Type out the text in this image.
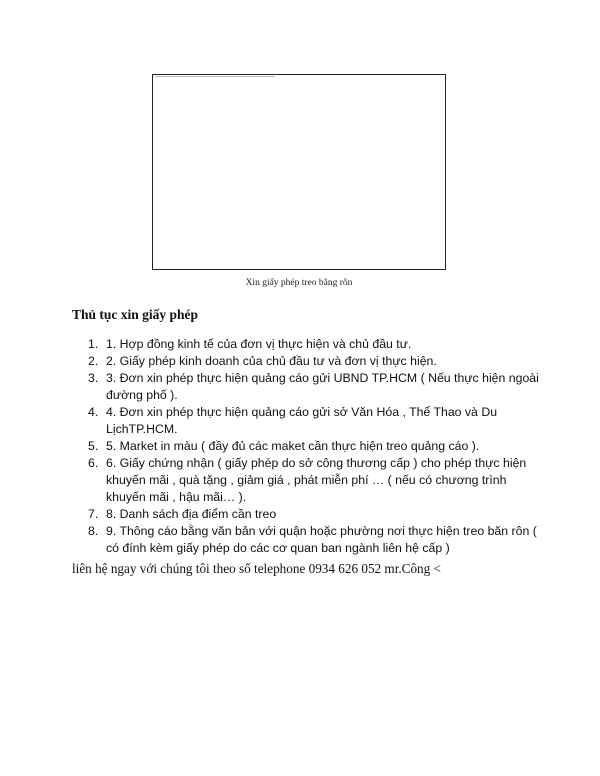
Xin giấy phép treo băng rôn
Thủ tục xin giấy phép
1. 1. Hợp đồng kinh tế của đơn vị thực hiện và chủ đầu tư.
2. 2. Giấy phép kinh doanh của chủ đầu tư và đơn vị thực hiện.
3. 3. Đơn xin phép thực hiện quảng cáo gửi UBND TP.HCM ( Nếu thực hiện ngoài đường phố ).
4. 4. Đơn xin phép thực hiện quảng cáo gửi sở Văn Hóa , Thể Thao và Du LịchTP.HCM.
5. 5. Market in màu ( đầy đủ các maket cần thực hiện treo quảng cáo ).
6. 6. Giấy chứng nhận ( giấy phép do sở công thương cấp ) cho phép thực hiện khuyến mãi , quà tặng , giảm giá , phát miễn phí … ( nếu có chương trình khuyến mãi , hậu mãi… ).
7. 8. Danh sách địa điểm cần treo
8. 9. Thông cáo bằng văn bản với quận hoặc phường nơi thực hiện treo băn rôn ( có đính kèm giấy phép do các cơ quan ban ngành liên hệ cấp )
liên hệ ngay với chúng tôi theo số telephone 0934 626 052 mr.Công <
